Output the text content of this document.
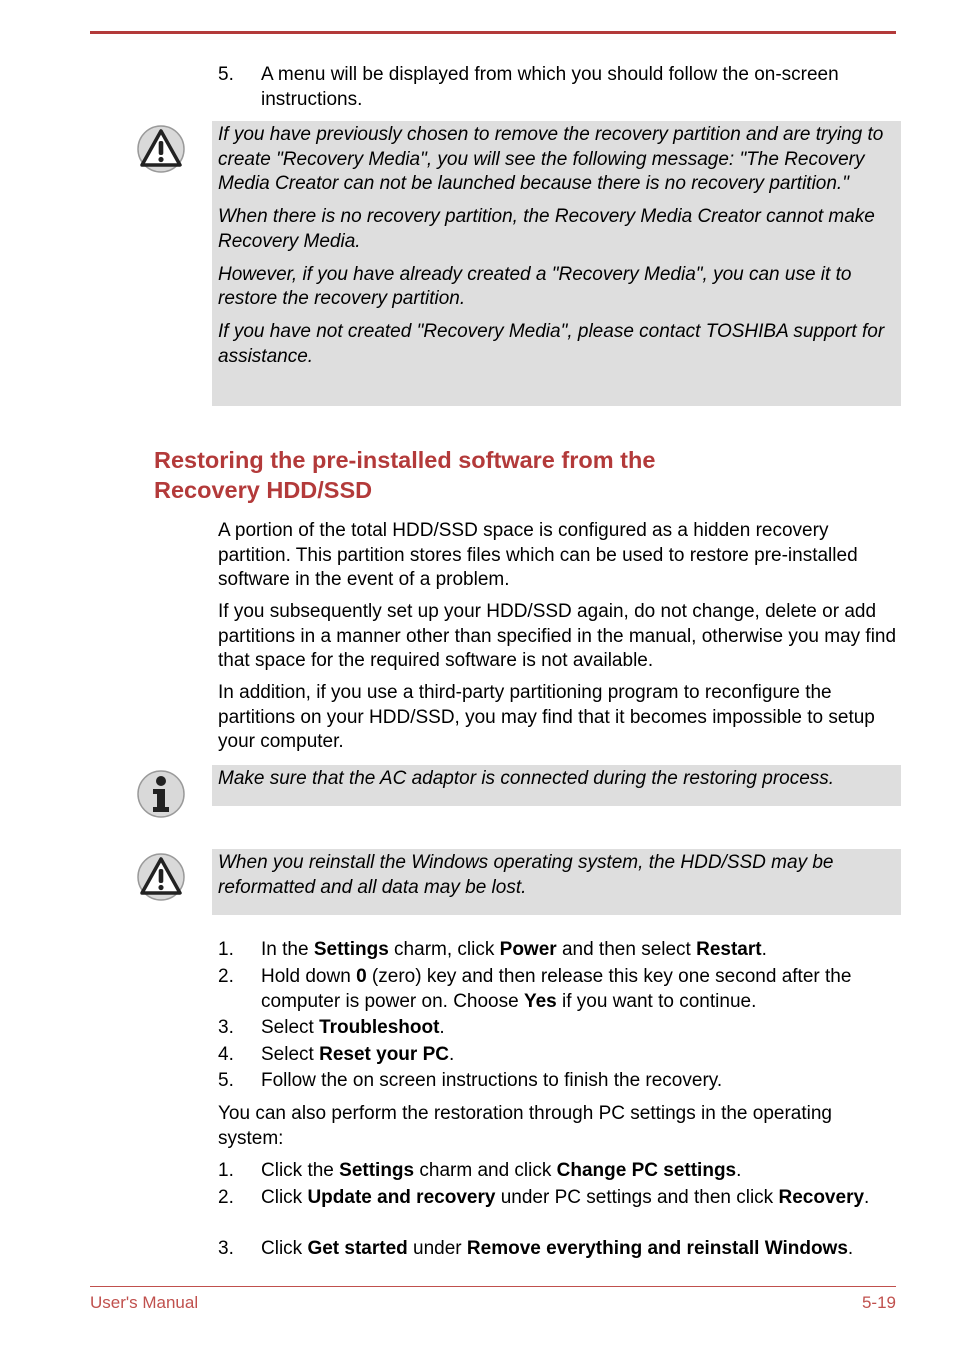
5. A menu will be displayed from which you should follow the on-screen instructions.

If you have previously chosen to remove the recovery partition and are trying to create "Recovery Media", you will see the following message: "The Recovery Media Creator can not be launched because there is no recovery partition."

When there is no recovery partition, the Recovery Media Creator cannot make Recovery Media.

However, if you have already created a "Recovery Media", you can use it to restore the recovery partition.

If you have not created "Recovery Media", please contact TOSHIBA support for assistance.

Restoring the pre-installed software from the
Recovery HDD/SSD

A portion of the total HDD/SSD space is configured as a hidden recovery partition. This partition stores files which can be used to restore pre-installed software in the event of a problem.

If you subsequently set up your HDD/SSD again, do not change, delete or add partitions in a manner other than specified in the manual, otherwise you may find that space for the required software is not available.

In addition, if you use a third-party partitioning program to reconfigure the partitions on your HDD/SSD, you may find that it becomes impossible to setup your computer.

Make sure that the AC adaptor is connected during the restoring process.

When you reinstall the Windows operating system, the HDD/SSD may be reformatted and all data may be lost.

1. In the Settings charm, click Power and then select Restart.
2. Hold down 0 (zero) key and then release this key one second after the computer is power on. Choose Yes if you want to continue.
3. Select Troubleshoot.
4. Select Reset your PC.
5. Follow the on screen instructions to finish the recovery.

You can also perform the restoration through PC settings in the operating system:

1. Click the Settings charm and click Change PC settings.
2. Click Update and recovery under PC settings and then click Recovery.
3. Click Get started under Remove everything and reinstall Windows.
User's Manual	5-19
